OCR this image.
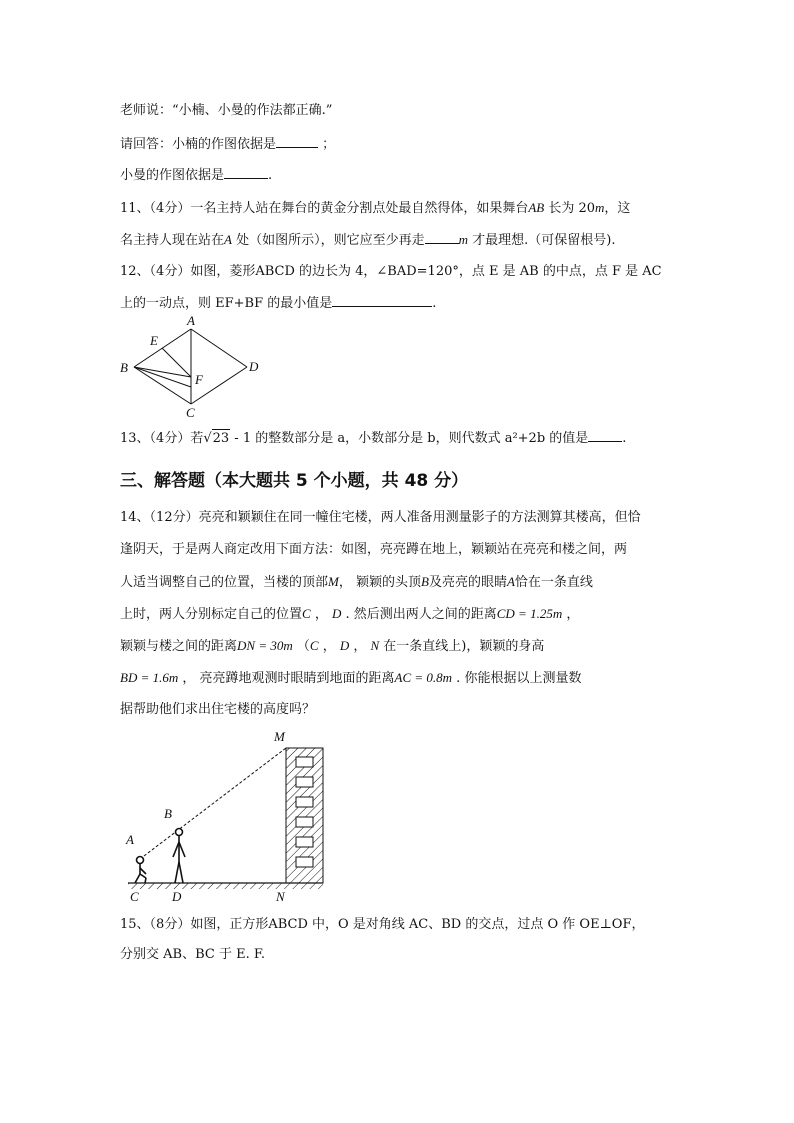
老师说：“小楠、小曼的作法都正确.”
请回答：小楠的作图依据是	；
小曼的作图依据是	.
11、（4分）一名主持人站在舞台的黄金分割点处最自然得体，如果舞台AB 长为 20m，这
名主持人现在站在A 处（如图所示），则它应至少再走	m 才最理想.（可保留根号).
12、（4分）如图，菱形ABCD 的边长为 4，∠BAD=120°，点 E 是 AB 的中点，点 F 是 AC
上的一动点，则 EF+BF 的最小值是	.
A
B
C
D
E
F
13、（4分）若√23 - 1 的整数部分是 a，小数部分是 b，则代数式 a²+2b 的值是	.
三、解答题（本大题共 5 个小题，共 48 分）
14、（12分）亮亮和颖颖住在同一幢住宅楼，两人准备用测量影子的方法测算其楼高，但恰
逢阴天，于是两人商定改用下面方法：如图，亮亮蹲在地上，颖颖站在亮亮和楼之间，两
人适当调整自己的位置，当楼的顶部M， 颖颖的头顶B及亮亮的眼睛A恰在一条直线
上时，两人分别标定自己的位置C ， D . 然后测出两人之间的距离CD = 1.25m ，
颖颖与楼之间的距离DN = 30m （C ， D ， N 在一条直线上)，颖颖的身高
BD = 1.6m ， 亮亮蹲地观测时眼睛到地面的距离AC = 0.8m . 你能根据以上测量数
据帮助他们求出住宅楼的高度吗？
M
B
A
C	D	N
15、（8分）如图，正方形ABCD 中，O 是对角线 AC、BD 的交点，过点 O 作 OE⊥OF，
分别交 AB、BC 于 E. F.
